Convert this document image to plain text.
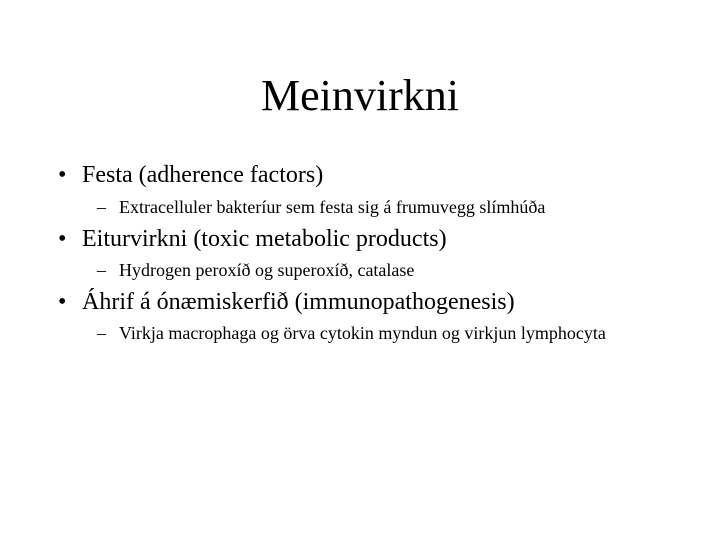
Meinvirkni
• Festa (adherence factors)
– Extracelluler bakteríur sem festa sig á frumuvegg slímhúða
• Eiturvirkni (toxic metabolic products)
– Hydrogen peroxíð og superoxíð, catalase
• Áhrif á ónæmiskerfið (immunopathogenesis)
– Virkja macrophaga og örva cytokin myndun og virkjun lymphocyta
